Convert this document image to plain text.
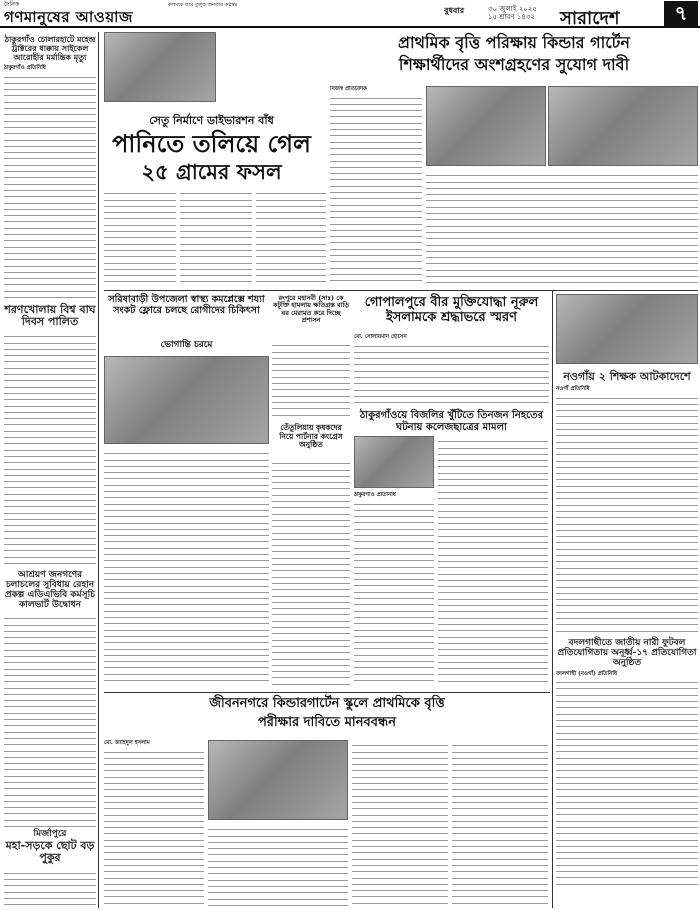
দৈনিক
গণমানুষের আওয়াজ
কলমকে করে তুলুক জনতার কণ্ঠস্বর	বুধবার	৩০ জুলাই ২০২৫
১৫ শ্রাবণ ১৪৩২ সারাদেশ	৭
ঠাকুরগাঁও চোলারহাটে মহেন্দ্র ট্রাক্টরের ধাক্কায় সাইকেল আরোহীর মর্মান্তিক মৃত্যু
ঠাকুরগাঁও প্রতিনিধি
শরণখোলায় বিশ্ব বাঘ দিবস পালিত
আশ্রয়ণ জনগণের চলাচলের সুবিধায় রেহান প্রকল্প এডিএভিবি কর্মসূচি কালভার্ট উদ্বোধন
মির্জাপুরে
মহা-সড়কে ছোট বড় পুকুর
সেতু নির্মাণে ডাইভারশন বাঁধ
পানিতে তলিয়ে গেল
২৫ গ্রামের ফসল
প্রাথমিক বৃত্তি পরিক্ষায় কিন্ডার গার্টেন
শিক্ষার্থীদের অংশগ্রহণের সুযোগ দাবী
নিজস্ব প্রতিবেদক
সরিষাবাড়ী উপজেলা স্বাস্থ্য কমপ্লেক্সে শয্যা সংকট ফ্লোরে চলছে রোগীদের চিকিৎসা
ভোগান্তি চরমে
রংপুরে মহানবী (সাঃ) কে কটূক্তি হামলায় ক্ষতিগ্রস্ত বাড়ি ঘর মেরামত করে দিচ্ছে প্রশাসন
গোপালপুরে বীর মুক্তিযোদ্ধা নূরুল ইসলামকে শ্রদ্ধাভরে স্মরণ
মো. সোলায়মান হোসেন
তেঁতুলিয়ায় কৃষকদের নিয়ে পার্টনার কংগ্রেস অনুষ্ঠিত
ঠাকুরগাঁওয়ে বিজলির খুঁটিতে তিনজন নিহতের ঘটনায় কলেজছাত্রের মামলা
ঠাকুরগাঁও প্রতিনিধি
জীবননগরে কিন্ডারগার্টেন স্কুলে প্রাথমিকে বৃত্তি
পরীক্ষার দাবিতে মানববন্ধন
মো. জাহিদুল ইসলাম
নওগাঁয় ২ শিক্ষক আটকাদেশে
নওগাঁ প্রতিনিধি
বদলগাছীতে জাতীয় নারী ফুটবল প্রতিযোগিতায় অনূর্ধ্ব-১৭ প্রতিযোগিতা অনুষ্ঠিত
বদলগাছী (নওগাঁ) প্রতিনিধি
